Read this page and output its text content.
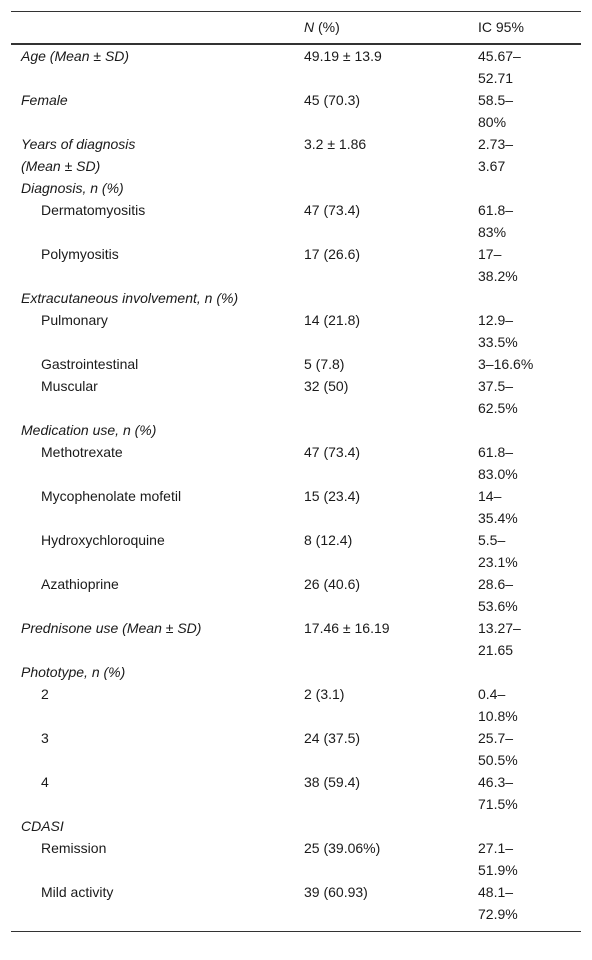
	N (%)	IC 95%
Age (Mean ± SD)	49.19 ± 13.9	45.67–
52.71
Female	45 (70.3)	58.5–
80%
Years of diagnosis
(Mean ± SD)	3.2 ± 1.86	2.73–
3.67
Diagnosis, n (%)		
Dermatomyositis	47 (73.4)	61.8–
83%
Polymyositis	17 (26.6)	17–
38.2%
Extracutaneous involvement, n (%)		
Pulmonary	14 (21.8)	12.9–
33.5%
Gastrointestinal	5 (7.8)	3–16.6%
Muscular	32 (50)	37.5–
62.5%
Medication use, n (%)		
Methotrexate	47 (73.4)	61.8–
83.0%
Mycophenolate mofetil	15 (23.4)	14–
35.4%
Hydroxychloroquine	8 (12.4)	5.5–
23.1%
Azathioprine	26 (40.6)	28.6–
53.6%
Prednisone use (Mean ± SD)	17.46 ± 16.19	13.27–
21.65
Phototype, n (%)		
2	2 (3.1)	0.4–
10.8%
3	24 (37.5)	25.7–
50.5%
4	38 (59.4)	46.3–
71.5%
CDASI		
Remission	25 (39.06%)	27.1–
51.9%
Mild activity	39 (60.93)	48.1–
72.9%
